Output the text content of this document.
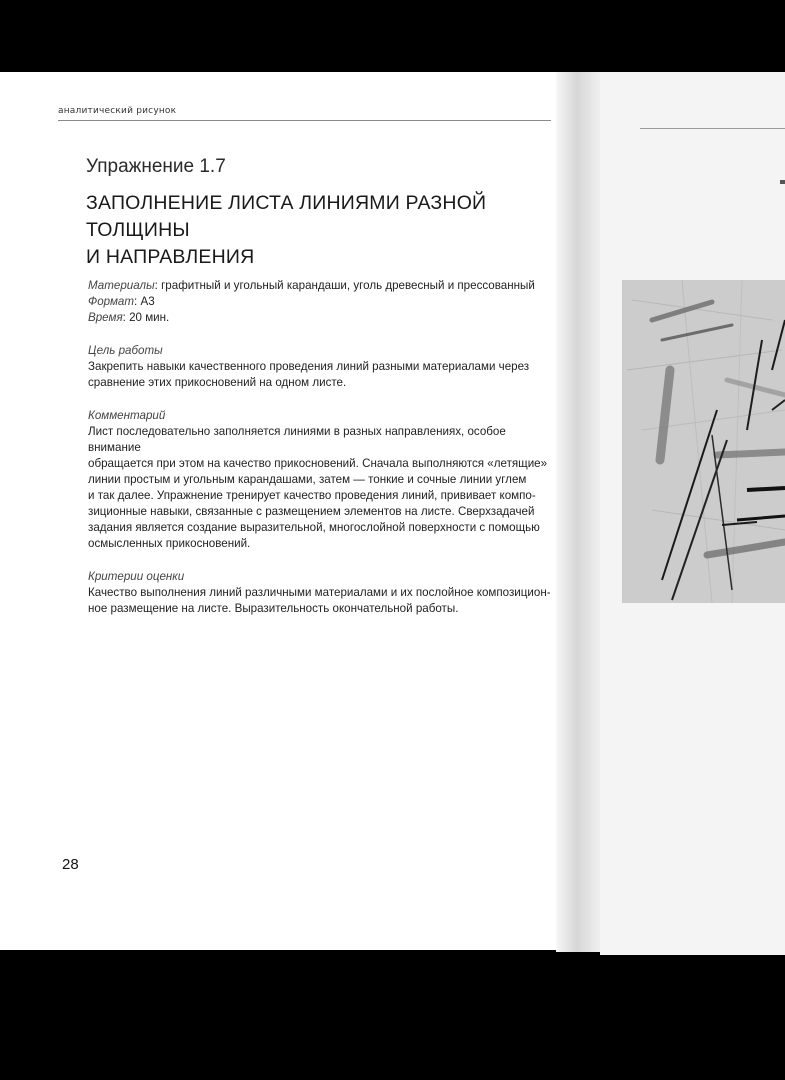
аналитический рисунок
Упражнение 1.7
ЗАПОЛНЕНИЕ ЛИСТА ЛИНИЯМИ РАЗНОЙ ТОЛЩИНЫ
И НАПРАВЛЕНИЯ

Материалы: графитный и угольный карандаши, уголь древесный и прессованный

Формат: А3

Время: 20 мин.

Цель работы

Закрепить навыки качественного проведения линий разными материалами через

сравнение этих прикосновений на одном листе.

Комментарий

Лист последовательно заполняется линиями в разных направлениях, особое внимание

обращается при этом на качество прикосновений. Сначала выполняются «летящие»

линии простым и угольным карандашами, затем — тонкие и сочные линии углем

и так далее. Упражнение тренирует качество проведения линий, прививает компо-

зиционные навыки, связанные с размещением элементов на листе. Сверхзадачей

задания является создание выразительной, многослойной поверхности с помощью

осмысленных прикосновений.

Критерии оценки

Качество выполнения линий различными материалами и их послойное композицион-

ное размещение на листе. Выразительность окончательной работы.

28
